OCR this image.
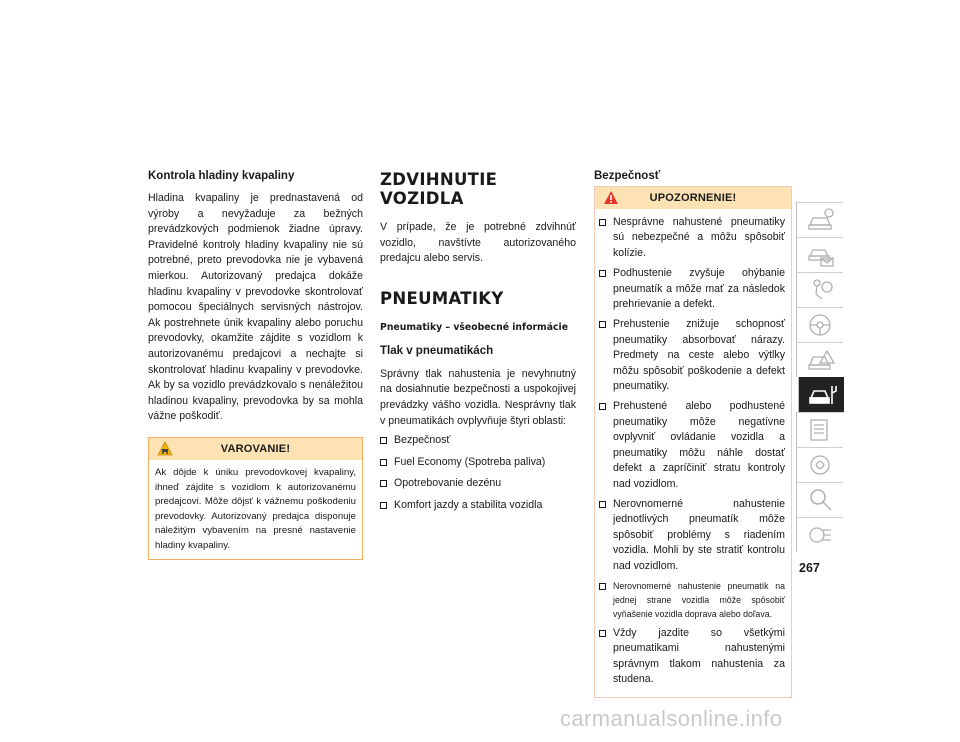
Kontrola hladiny kvapaliny

Hladina kvapaliny je prednastavená od výroby a nevyžaduje za bežných prevádzkových podmienok žiadne úpravy. Pravidelné kontroly hladiny kvapaliny nie sú potrebné, preto prevodovka nie je vybavená mierkou. Autorizovaný predajca dokáže hladinu kvapaliny v prevodovke skontrolovať pomocou špeciálnych servisných nástrojov. Ak postrehnete únik kvapaliny alebo poruchu prevodovky, okamžite zájdite s vozidlom k autorizovanému predajcovi a nechajte si skontrolovať hladinu kvapaliny v prevodovke. Ak by sa vozidlo prevádzkovalo s nenáležitou hladinou kvapaliny, prevodovka by sa mohla vážne poškodiť.

VAROVANIE!
Ak dôjde k úniku prevodovkovej kvapaliny, ihneď zájdite s vozidlom k autorizovanému predajcovi. Môže dôjsť k vážnemu poškodeniu prevodovky. Autorizovaný predajca disponuje náležitým vybavením na presné nastavenie hladiny kvapaliny.
ZDVIHNUTIE VOZIDLA

V prípade, že je potrebné zdvihnúť vozidlo, navštívte autorizovaného predajcu alebo servis.

PNEUMATIKY
Pneumatiky – všeobecné informácie
Tlak v pneumatikách

Správny tlak nahustenia je nevyhnutný na dosiahnutie bezpečnosti a uspokojivej prevádzky vášho vozidla. Nesprávny tlak v pneumatikách ovplyvňuje štyri oblasti:

Bezpečnosť
Fuel Economy (Spotreba paliva)
Opotrebovanie dezénu
Komfort jazdy a stabilita vozidla
Bezpečnosť
UPOZORNENIE!
Nesprávne nahustené pneumatiky sú nebezpečné a môžu spôsobiť kolízie.
Podhustenie zvyšuje ohýbanie pneumatík a môže mať za následok prehrievanie a defekt.
Prehustenie znižuje schopnosť pneumatiky absorbovať nárazy. Predmety na ceste alebo výtlky môžu spôsobiť poškodenie a defekt pneumatiky.
Prehustené alebo podhustené pneumatiky môže negatívne ovplyvniť ovládanie vozidla a pneumatiky môžu náhle dostať defekt a zapríčiniť stratu kontroly nad vozidlom.
Nerovnomerné nahustenie jednotlivých pneumatík môže spôsobiť problémy s riadením vozidla. Mohli by ste stratiť kontrolu nad vozidlom.
Nerovnomerné nahustenie pneumatík na jednej strane vozidla môže spôsobiť vyňašenie vozidla doprava alebo doľava.
Vždy jazdite so všetkými pneumatikami nahustenými správnym tlakom nahustenia za studena.
267
carmanualsonline.info
